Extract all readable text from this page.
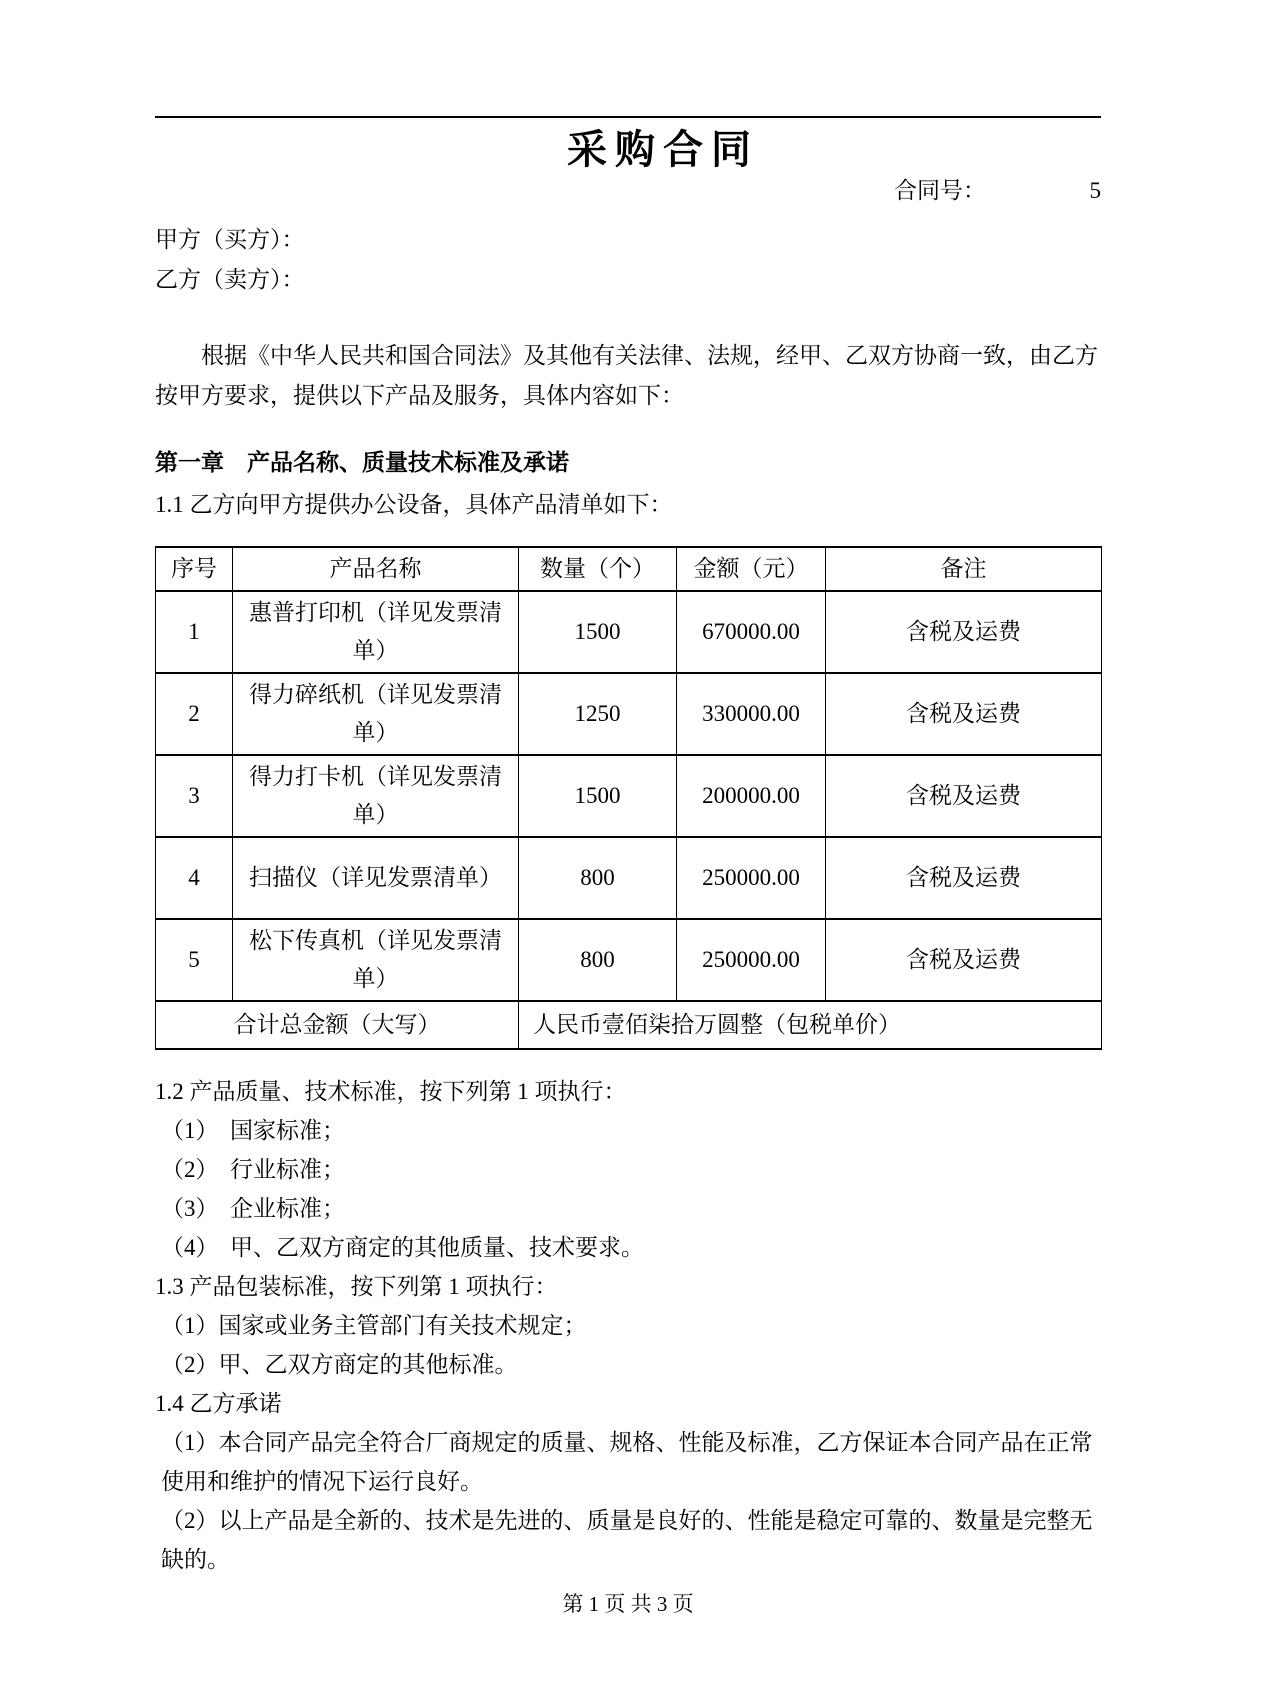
采购合同
合同号：	5
甲方（买方）：
乙方（卖方）：
根据《中华人民共和国合同法》及其他有关法律、法规，经甲、乙双方协商一致，由乙方按甲方要求，提供以下产品及服务，具体内容如下：
第一章　产品名称、质量技术标准及承诺
1.1 乙方向甲方提供办公设备，具体产品清单如下：
序号	产品名称	数量（个）	金额（元）	备注
1	惠普打印机（详见发票清单）	1500	670000.00	含税及运费
2	得力碎纸机（详见发票清单）	1250	330000.00	含税及运费
3	得力打卡机（详见发票清单）	1500	200000.00	含税及运费
4	扫描仪（详见发票清单）	800	250000.00	含税及运费
5	松下传真机（详见发票清单）	800	250000.00	含税及运费
合计总金额（大写）		人民币壹佰柒拾万圆整（包税单价）		
1.2 产品质量、技术标准，按下列第 1 项执行：
（1）　国家标准；
（2）　行业标准；
（3）　企业标准；
（4）　甲、乙双方商定的其他质量、技术要求。
1.3 产品包装标准，按下列第 1 项执行：
（1）国家或业务主管部门有关技术规定；
（2）甲、乙双方商定的其他标准。
1.4 乙方承诺
（1）本合同产品完全符合厂商规定的质量、规格、性能及标准，乙方保证本合同产品在正常使用和维护的情况下运行良好。
（2）以上产品是全新的、技术是先进的、质量是良好的、性能是稳定可靠的、数量是完整无缺的。
第 1 页 共 3 页
